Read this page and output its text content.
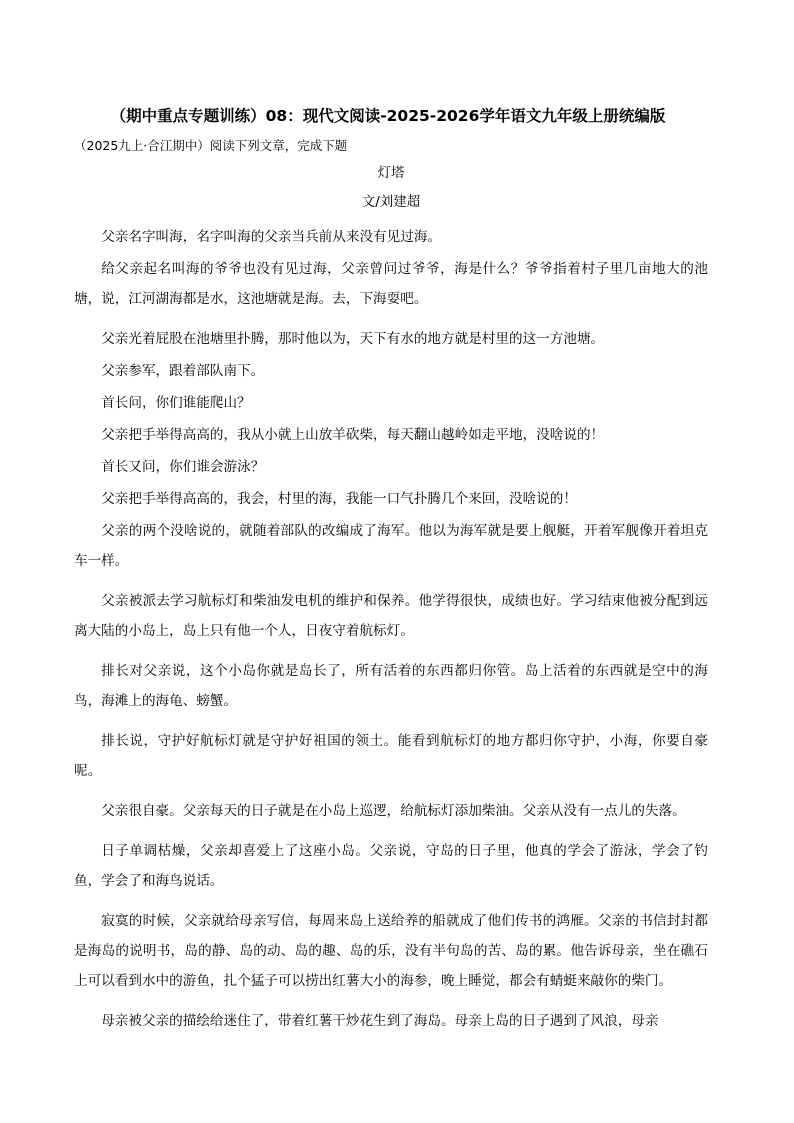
（期中重点专题训练）08：现代文阅读-2025-2026学年语文九年级上册统编版
（2025九上·合江期中）阅读下列文章，完成下题
灯塔
文/刘建超

父亲名字叫海，名字叫海的父亲当兵前从来没有见过海。

给父亲起名叫海的爷爷也没有见过海，父亲曾问过爷爷，海是什么？爷爷指着村子里几亩地大的池塘，说，江河湖海都是水，这池塘就是海。去，下海耍吧。

父亲光着屁股在池塘里扑腾，那时他以为，天下有水的地方就是村里的这一方池塘。

父亲参军，跟着部队南下。

首长问，你们谁能爬山？

父亲把手举得高高的，我从小就上山放羊砍柴，每天翻山越岭如走平地，没啥说的！

首长又问，你们谁会游泳？

父亲把手举得高高的，我会，村里的海，我能一口气扑腾几个来回，没啥说的！

父亲的两个没啥说的，就随着部队的改编成了海军。他以为海军就是要上舰艇，开着军舰像开着坦克车一样。

父亲被派去学习航标灯和柴油发电机的维护和保养。他学得很快，成绩也好。学习结束他被分配到远离大陆的小岛上，岛上只有他一个人，日夜守着航标灯。

排长对父亲说，这个小岛你就是岛长了，所有活着的东西都归你管。岛上活着的东西就是空中的海鸟，海滩上的海龟、螃蟹。

排长说，守护好航标灯就是守护好祖国的领土。能看到航标灯的地方都归你守护，小海，你要自豪呢。

父亲很自豪。父亲每天的日子就是在小岛上巡逻，给航标灯添加柴油。父亲从没有一点儿的失落。

日子单调枯燥，父亲却喜爱上了这座小岛。父亲说，守岛的日子里，他真的学会了游泳，学会了钓鱼，学会了和海鸟说话。

寂寞的时候，父亲就给母亲写信，每周来岛上送给养的船就成了他们传书的鸿雁。父亲的书信封封都是海岛的说明书，岛的静、岛的动、岛的趣、岛的乐，没有半句岛的苦、岛的累。他告诉母亲，坐在礁石上可以看到水中的游鱼，扎个猛子可以捞出红薯大小的海参，晚上睡觉，都会有蜻蜓来敲你的柴门。

母亲被父亲的描绘给迷住了，带着红薯干炒花生到了海岛。母亲上岛的日子遇到了风浪，母亲
